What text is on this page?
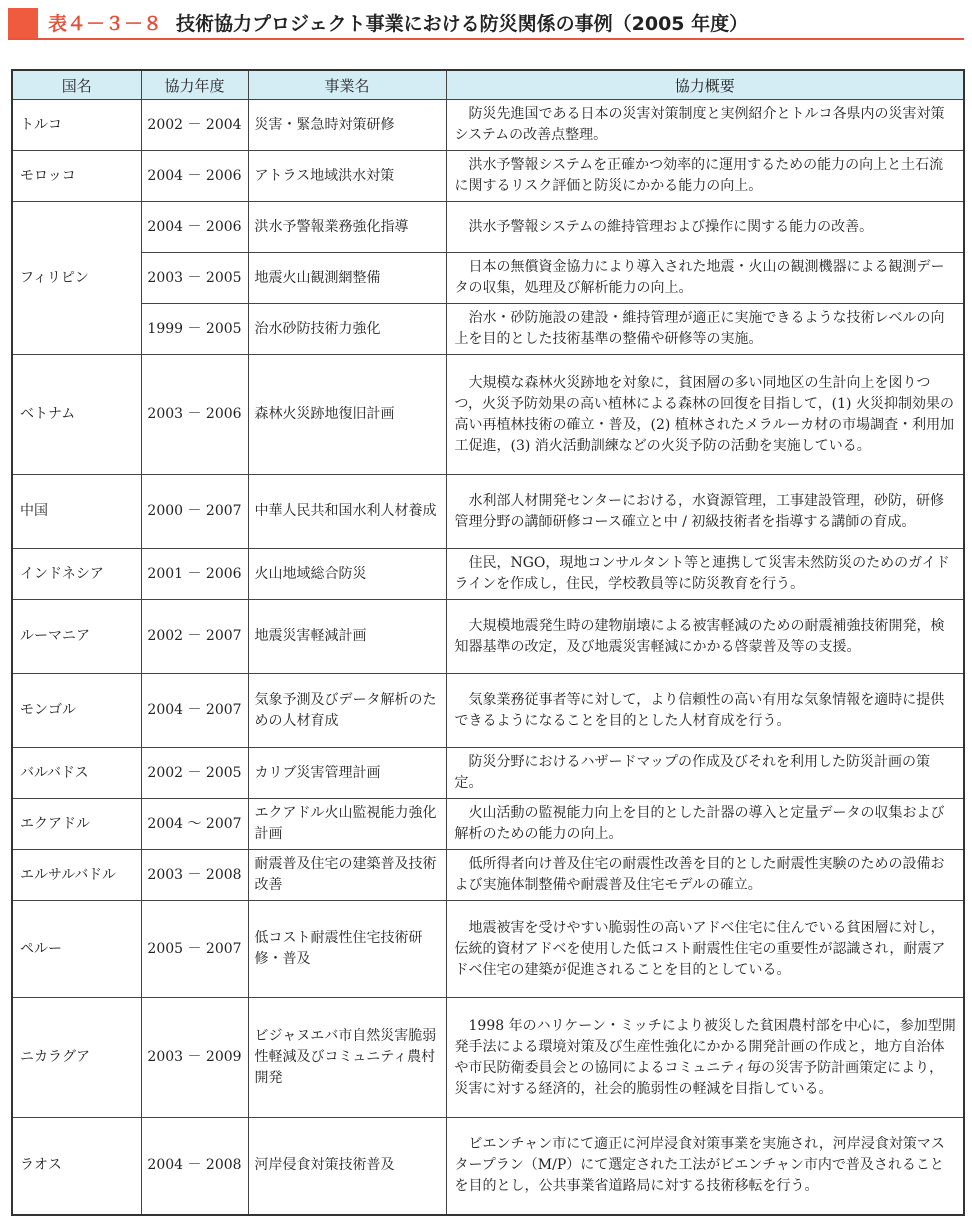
表４－３－８ 技術協力プロジェクト事業における防災関係の事例（2005 年度）
国名	協力年度	事業名	協力概要
トルコ	2002 － 2004	災害・緊急時対策研修	防災先進国である日本の災害対策制度と実例紹介とトルコ各県内の災害対策システムの改善点整理。
モロッコ	2004 － 2006	アトラス地域洪水対策	洪水予警報システムを正確かつ効率的に運用するための能力の向上と土石流に関するリスク評価と防災にかかる能力の向上。
フィリピン	2004 － 2006	洪水予警報業務強化指導	洪水予警報システムの維持管理および操作に関する能力の改善。
	2003 － 2005	地震火山観測網整備	日本の無償資金協力により導入された地震・火山の観測機器による観測データの収集，処理及び解析能力の向上。
	1999 － 2005	治水砂防技術力強化	治水・砂防施設の建設・維持管理が適正に実施できるような技術レベルの向上を目的とした技術基準の整備や研修等の実施。
ベトナム	2003 － 2006	森林火災跡地復旧計画	大規模な森林火災跡地を対象に，貧困層の多い同地区の生計向上を図りつつ，火災予防効果の高い植林による森林の回復を目指して，(1) 火災抑制効果の高い再植林技術の確立・普及，(2) 植林されたメラルーカ材の市場調査・利用加工促進，(3) 消火活動訓練などの火災予防の活動を実施している。
中国	2000 － 2007	中華人民共和国水利人材養成	水利部人材開発センターにおける，水資源管理，工事建設管理，砂防，研修管理分野の講師研修コース確立と中 / 初級技術者を指導する講師の育成。
インドネシア	2001 － 2006	火山地域総合防災	住民，NGO，現地コンサルタント等と連携して災害未然防災のためのガイドラインを作成し，住民，学校教員等に防災教育を行う。
ルーマニア	2002 － 2007	地震災害軽減計画	大規模地震発生時の建物崩壊による被害軽減のための耐震補強技術開発，検知器基準の改定，及び地震災害軽減にかかる啓蒙普及等の支援。
モンゴル	2004 － 2007	気象予測及びデータ解析のための人材育成	気象業務従事者等に対して，より信頼性の高い有用な気象情報を適時に提供できるようになることを目的とした人材育成を行う。
バルバドス	2002 － 2005	カリブ災害管理計画	防災分野におけるハザードマップの作成及びそれを利用した防災計画の策定。
エクアドル	2004 ～ 2007	エクアドル火山監視能力強化計画	火山活動の監視能力向上を目的とした計器の導入と定量データの収集および解析のための能力の向上。
エルサルバドル	2003 － 2008	耐震普及住宅の建築普及技術改善	低所得者向け普及住宅の耐震性改善を目的とした耐震性実験のための設備および実施体制整備や耐震普及住宅モデルの確立。
ペルー	2005 － 2007	低コスト耐震性住宅技術研修・普及	地震被害を受けやすい脆弱性の高いアドベ住宅に住んでいる貧困層に対し，伝統的資材アドベを使用した低コスト耐震性住宅の重要性が認識され，耐震アドベ住宅の建築が促進されることを目的としている。
ニカラグア	2003 － 2009	ビジャヌエバ市自然災害脆弱性軽減及びコミュニティ農村開発	1998 年のハリケーン・ミッチにより被災した貧困農村部を中心に，参加型開発手法による環境対策及び生産性強化にかかる開発計画の作成と，地方自治体や市民防衛委員会との協同によるコミュニティ毎の災害予防計画策定により，災害に対する経済的，社会的脆弱性の軽減を目指している。
ラオス	2004 － 2008	河岸侵食対策技術普及	ビエンチャン市にて適正に河岸浸食対策事業を実施され，河岸浸食対策マスタープラン（M/P）にて選定された工法がビエンチャン市内で普及されることを目的とし，公共事業省道路局に対する技術移転を行う。
